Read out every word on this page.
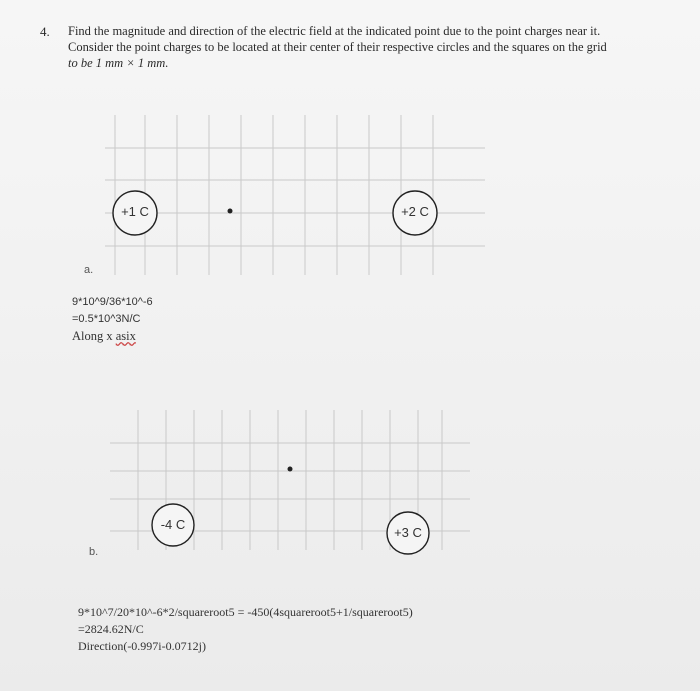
4. Find the magnitude and direction of the electric field at the indicated point due to the point charges near it.
Consider the point charges to be located at their center of their respective circles and the squares on the grid
to be 1 mm × 1 mm.
+1 C	+2 C
a.
9*10^9/36*10^-6
=0.5*10^3N/C
Along x asix
-4 C
+3 C
b.
9*10^7/20*10^-6*2/squareroot5 = -450(4squareroot5+1/squareroot5)
=2824.62N/C
Direction(-0.997i-0.0712j)
